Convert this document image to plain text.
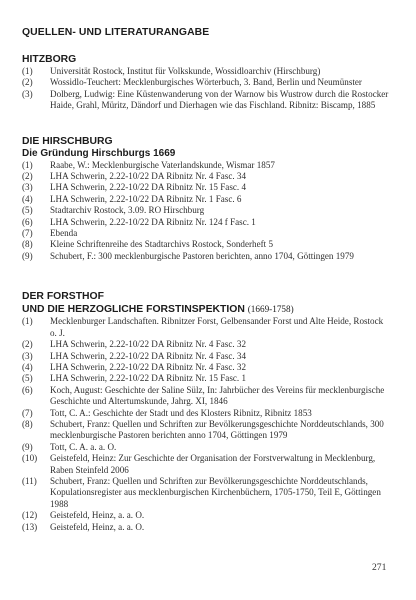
QUELLEN- UND LITERATURANGABE
HITZBORG
(1) Universität Rostock, Institut für Volkskunde, Wossidloarchiv (Hirschburg)
(2) Wossidlo-Teuchert: Mecklenburgisches Wörterbuch, 3. Band, Berlin und Neumünster
(3) Dolberg, Ludwig: Eine Küstenwanderung von der Warnow bis Wustrow durch die Rostocker Haide, Grahl, Müritz, Dändorf und Dierhagen wie das Fischland. Ribnitz: Biscamp, 1885
DIE HIRSCHBURG
Die Gründung Hirschburgs 1669
(1) Raabe, W.: Mecklenburgische Vaterlandskunde, Wismar 1857
(2) LHA Schwerin, 2.22-10/22 DA Ribnitz Nr. 4 Fasc. 34
(3) LHA Schwerin, 2.22-10/22 DA Ribnitz Nr. 15 Fasc. 4
(4) LHA Schwerin, 2.22-10/22 DA Ribnitz Nr. 1 Fasc. 6
(5) Stadtarchiv Rostock, 3.09. RO Hirschburg
(6) LHA Schwerin, 2.22-10/22 DA Ribnitz Nr. 124 f Fasc. 1
(7) Ebenda
(8) Kleine Schriftenreihe des Stadtarchivs Rostock, Sonderheft 5
(9) Schubert, F.: 300 mecklenburgische Pastoren berichten, anno 1704, Göttingen 1979
DER FORSTHOF
UND DIE HERZOGLICHE FORSTINSPEKTION (1669-1758)
(1) Mecklenburger Landschaften. Ribnitzer Forst, Gelbensander Forst und Alte Heide, Rostock o. J.
(2) LHA Schwerin, 2.22-10/22 DA Ribnitz Nr. 4 Fasc. 32
(3) LHA Schwerin, 2.22-10/22 DA Ribnitz Nr. 4 Fasc. 34
(4) LHA Schwerin, 2.22-10/22 DA Ribnitz Nr. 4 Fasc. 32
(5) LHA Schwerin, 2.22-10/22 DA Ribnitz Nr. 15 Fasc. 1
(6) Koch, August: Geschichte der Saline Sülz, In: Jahrbücher des Vereins für mecklenburgische Geschichte und Altertumskunde, Jahrg. XI, 1846
(7) Tott, C. A.: Geschichte der Stadt und des Klosters Ribnitz, Ribnitz 1853
(8) Schubert, Franz: Quellen und Schriften zur Bevölkerungsgeschichte Norddeutschlands, 300 mecklenburgische Pastoren berichten anno 1704, Göttingen 1979
(9) Tott, C. A. a. a. O.
(10) Geistefeld, Heinz: Zur Geschichte der Organisation der Forstverwaltung in Mecklenburg, Raben Steinfeld 2006
(11) Schubert, Franz: Quellen und Schriften zur Bevölkerungsgeschichte Norddeutschlands, Kopulationsregister aus mecklenburgischen Kirchenbüchern, 1705-1750, Teil E, Göttingen 1988
(12) Geistefeld, Heinz, a. a. O.
(13) Geistefeld, Heinz, a. a. O.
271
